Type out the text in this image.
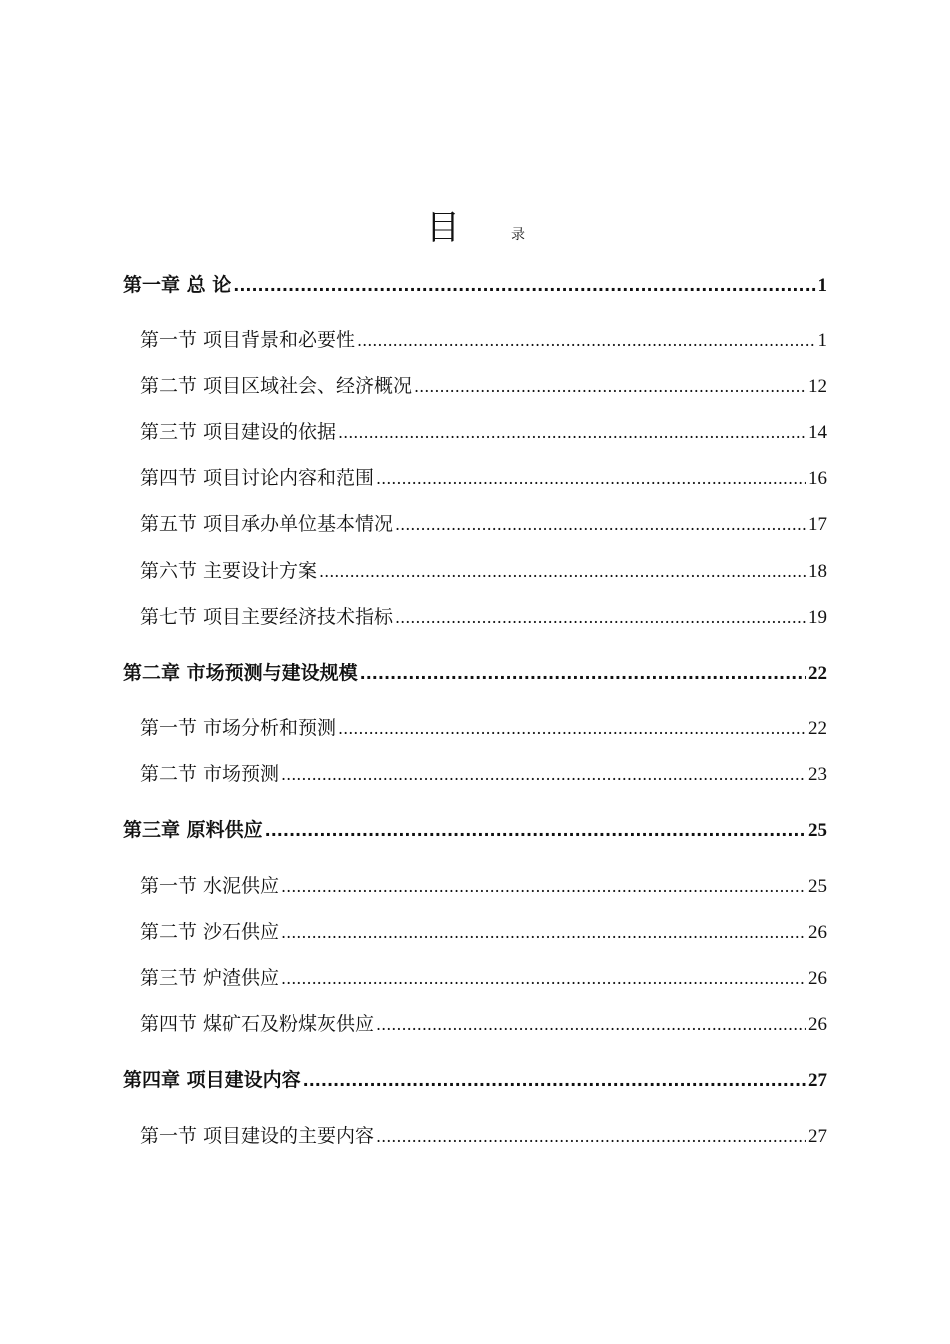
目	录
第一章 总 论 .....	1
第一节 项目背景和必要性 .....	1
第二节 项目区域社会、经济概况 .....	12
第三节 项目建设的依据 .....	14
第四节 项目讨论内容和范围 .....	16
第五节 项目承办单位基本情况 .....	17
第六节 主要设计方案 .....	18
第七节 项目主要经济技术指标 .....	19
第二章 市场预测与建设规模 .....	22
第一节 市场分析和预测 .....	22
第二节 市场预测 .....	23
第三章 原料供应 .....	25
第一节 水泥供应 .....	25
第二节 沙石供应 .....	26
第三节 炉渣供应 .....	26
第四节 煤矿石及粉煤灰供应 .....	26
第四章 项目建设内容 .....	27
第一节 项目建设的主要内容 .....	27
